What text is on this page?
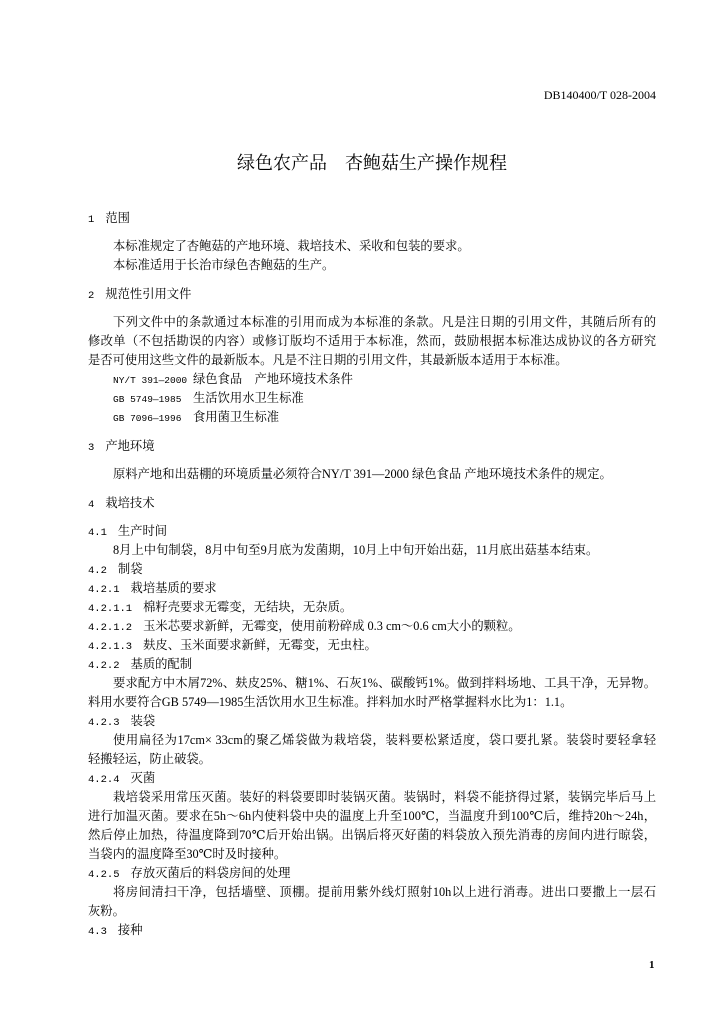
DB140400/T 028-2004
绿色农产品　杏鲍菇生产操作规程
1 范围
本标准规定了杏鲍菇的产地环境、栽培技术、采收和包装的要求。
本标准适用于长治市绿色杏鲍菇的生产。
2 规范性引用文件
下列文件中的条款通过本标准的引用而成为本标准的条款。凡是注日期的引用文件，其随后所有的
修改单（不包括勘误的内容）或修订版均不适用于本标准，然而，鼓励根据本标准达成协议的各方研究
是否可使用这些文件的最新版本。凡是不注日期的引用文件，其最新版本适用于本标准。
NY/T 391—2000 绿色食品　产地环境技术条件
GB 5749—1985 生活饮用水卫生标准
GB 7096—1996 食用菌卫生标准
3 产地环境
原料产地和出菇棚的环境质量必须符合NY/T 391—2000 绿色食品 产地环境技术条件的规定。
4 栽培技术
4.1 生产时间
8月上中旬制袋，8月中旬至9月底为发菌期，10月上中旬开始出菇，11月底出菇基本结束。
4.2 制袋
4.2.1 栽培基质的要求
4.2.1.1 棉籽壳要求无霉变，无结块，无杂质。
4.2.1.2 玉米芯要求新鲜，无霉变，使用前粉碎成 0.3 cm～0.6 cm大小的颗粒。
4.2.1.3 麸皮、玉米面要求新鲜，无霉变，无虫柱。
4.2.2 基质的配制
要求配方中木屑72%、麸皮25%、糖1%、石灰1%、碳酸钙1%。做到拌料场地、工具干净，无异物。
料用水要符合GB 5749—1985生活饮用水卫生标准。拌料加水时严格掌握料水比为1：1.1。
4.2.3 装袋
使用扁径为17cm× 33cm的聚乙烯袋做为栽培袋，装料要松紧适度，袋口要扎紧。装袋时要轻拿轻
轻搬轻运，防止破袋。
4.2.4 灭菌
栽培袋采用常压灭菌。装好的料袋要即时装锅灭菌。装锅时，料袋不能挤得过紧，装锅完毕后马上
进行加温灭菌。要求在5h～6h内使料袋中央的温度上升至100℃，当温度升到100℃后，维持20h～24h，
然后停止加热，待温度降到70℃后开始出锅。出锅后将灭好菌的料袋放入预先消毒的房间内进行晾袋，
当袋内的温度降至30℃时及时接种。
4.2.5 存放灭菌后的料袋房间的处理
将房间清扫干净，包括墙壁、顶棚。提前用紫外线灯照射10h以上进行消毒。进出口要撒上一层石
灰粉。
4.3 接种
1
